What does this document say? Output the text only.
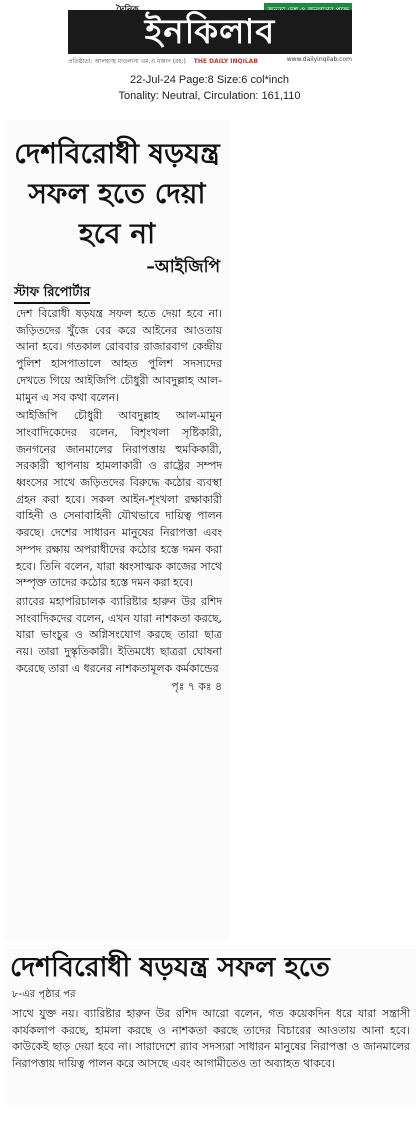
ইনকিলাব
প্রতিষ্ঠাতা: আলহাজ্ব মাওলানা এম.এ মান্নান (রহ:) THE DAILY INQILAB	www.dailyinqilab.com
22-Jul-24 Page:8 Size:6 col*inch
Tonality: Neutral, Circulation: 161,110
দেশবিরোধী ষড়যন্ত্র সফল হতে দেয়া হবে না
–আইজিপি
স্টাফ রিপোর্টার

দেশ বিরোধী ষড়যন্ত্র সফল হতে দেয়া হবে না। জড়িতদের খুঁজে বের করে আইনের আওতায় আনা হবে। গতকাল রোববার রাজারবাগ কেন্দ্রীয় পুলিশ হাসপাতালে আহত পুলিশ সদস্যদের দেখতে গিয়ে আইজিপি চৌধুরী আবদুল্লাহ আল-মামুন এ সব কথা বলেন।

আইজিপি চৌধুরী আবদুল্লাহ আল-মামুন সাংবাদিকেদের বলেন, বিশৃংখলা সৃষ্টিকারী, জনগনের জানমালের নিরাপত্তায় হুমকিকারী, সরকারী স্থাপনায় হামলাকারী ও রাষ্ট্রের সম্পদ ধ্বংসের সাথে জড়িতদের বিরুদ্ধে কঠোর ব্যবস্থা গ্রহন করা হবে। সকল আইন-শৃংখলা রক্ষাকারী বাহিনী ও সেনাবাহিনী যৌথভাবে দায়িত্ব পালন করছে। দেশের সাধারন মানুষের নিরাপত্তা এবং সম্পদ রক্ষায় অপরাধীদের কঠোর হস্তে দমন করা হবে। তিনি বলেন, যারা ধ্বংসাত্মক কাজের সাথে সম্পৃক্ত তাদের কঠোর হস্তে দমন করা হবে।

র‍্যাবের মহাপরিচালক ব্যারিষ্টার হারুন উর রশিদ সাংবাদিকদের বলেন, এখন যারা নাশকতা করছে, যারা ভাংচুর ও অগ্নিসংযোগ করছে তারা ছাত্র নয়। তারা দুস্কৃতিকারী। ইতিমধ্যে ছাত্ররা ঘোষনা করেছে তারা এ ধরনের নাশকতামূলক কর্মকান্ডের

পৃঃ ৭ কঃ ৪

দেশবিরোধী ষড়যন্ত্র সফল হতে
৮-এর পৃষ্ঠার পর
সাথে যুক্ত নয়। ব্যারিষ্টার হারুন উর রশিদ আরো বলেন, গত কয়েকদিন ধরে যারা সন্ত্রাসী কার্যকলাপ করছে, হামলা করছে ও নাশকতা করছে তাদের বিচারের আওতায় আনা হবে। কাউকেই ছাড় দেয়া হবে না। সারাদেশে র‍্যাব সদস্যরা সাধারন মানুষের নিরাপত্তা ও জানমালের নিরাপত্তায় দায়িত্ব পালন করে আসছে এবং আগামীতেও তা অব্যাহত থাকবে।
